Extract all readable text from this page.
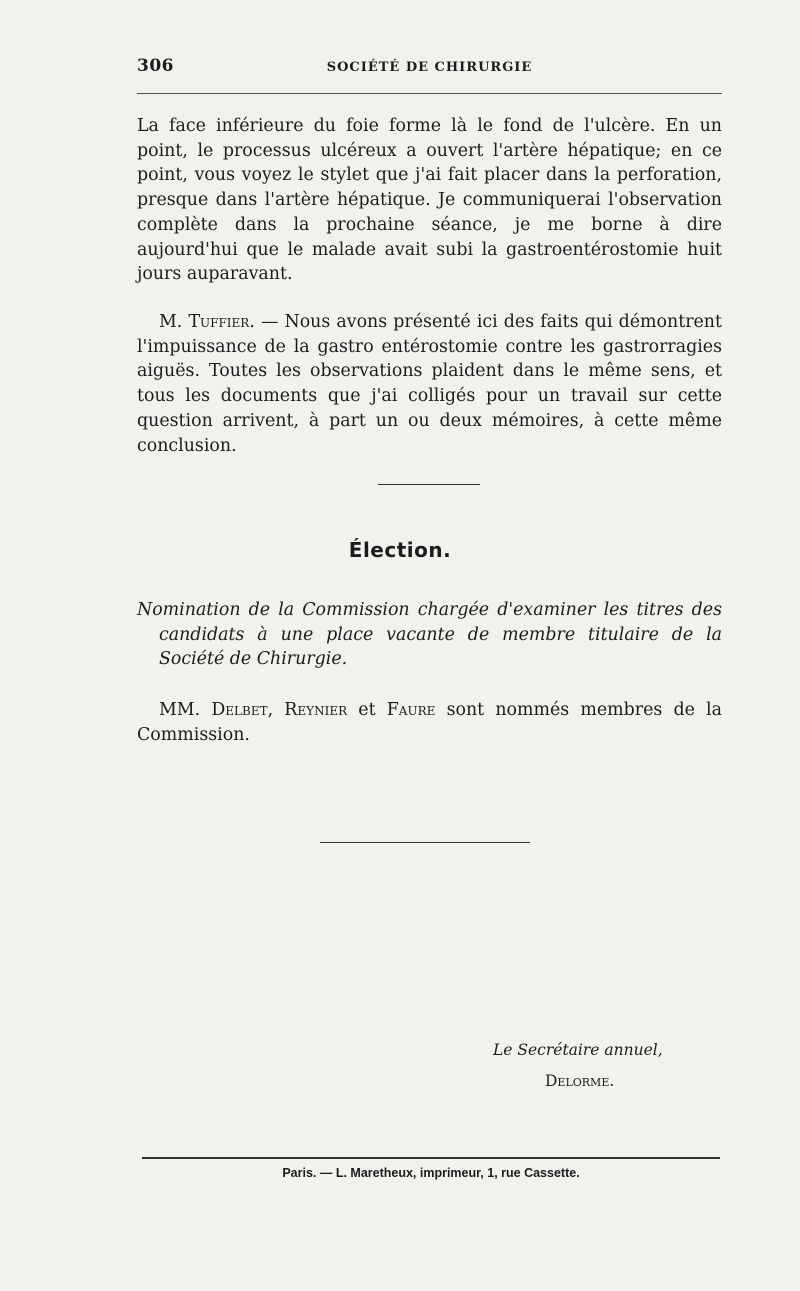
306	SOCIÉTÉ DE CHIRURGIE

La face inférieure du foie forme là le fond de l'ulcère. En un point, le processus ulcéreux a ouvert l'artère hépatique; en ce point, vous voyez le stylet que j'ai fait placer dans la perforation, presque dans l'artère hépatique. Je communiquerai l'observation complète dans la prochaine séance, je me borne à dire aujourd'hui que le malade avait subi la gastroentérostomie huit jours auparavant.

M. Tuffier. — Nous avons présenté ici des faits qui démontrent l'impuissance de la gastro entérostomie contre les gastrorragies aiguës. Toutes les observations plaident dans le même sens, et tous les documents que j'ai colligés pour un travail sur cette question arrivent, à part un ou deux mémoires, à cette même conclusion.

Élection.

Nomination de la Commission chargée d'examiner les titres des candidats à une place vacante de membre titulaire de la Société de Chirurgie.

MM. Delbet, Reynier et Faure sont nommés membres de la Commission.

Le Secrétaire annuel,
Delorme.
Paris. — L. Maretheux, imprimeur, 1, rue Cassette.
